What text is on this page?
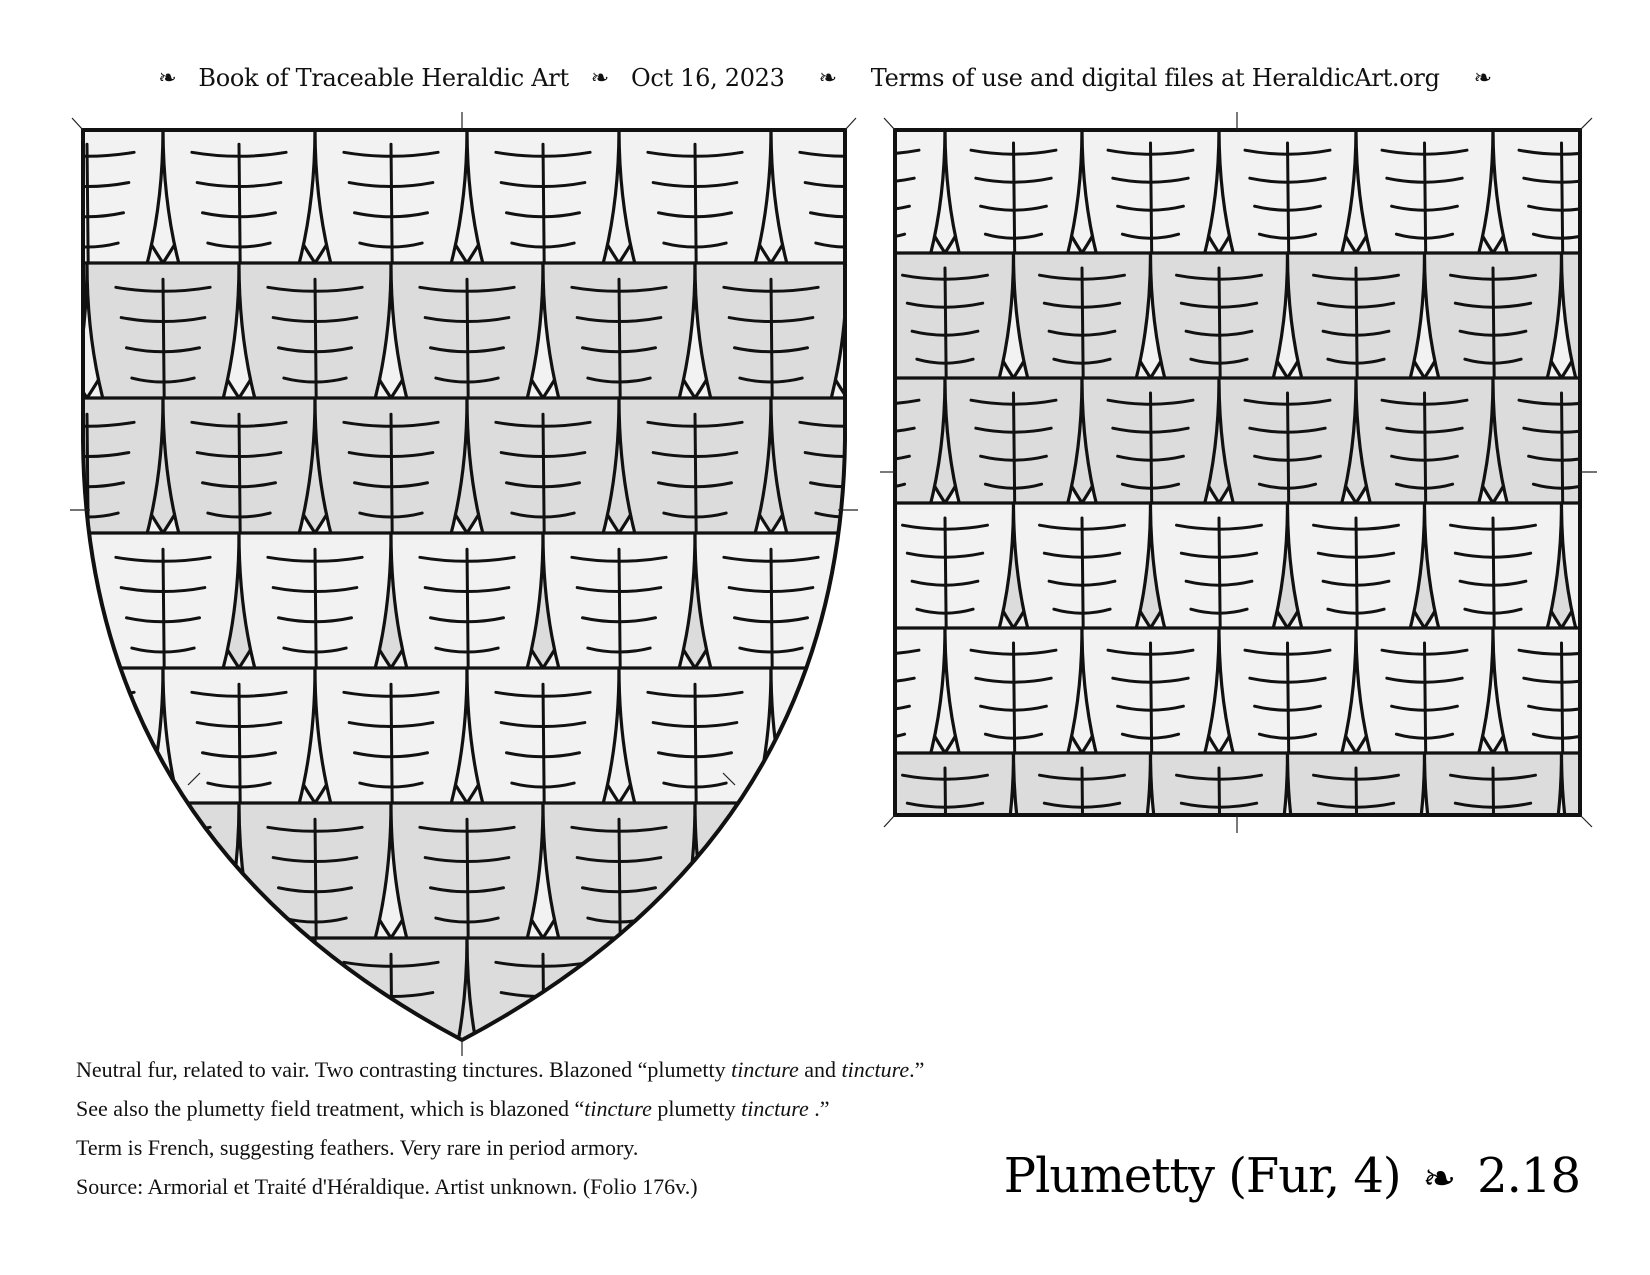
❧ Book of Traceable Heraldic Art ❧ Oct 16, 2023 ❧ Terms of use and digital files at HeraldicArt.org ❧

Neutral fur, related to vair. Two contrasting tinctures. Blazoned “plumetty tincture and tincture.”

See also the plumetty field treatment, which is blazoned “tincture plumetty tincture .”

Term is French, suggesting feathers. Very rare in period armory.

Source: Armorial et Traité d'Héraldique. Artist unknown. (Folio 176v.)	Plumetty (Fur, 4) ❧ 2.18
